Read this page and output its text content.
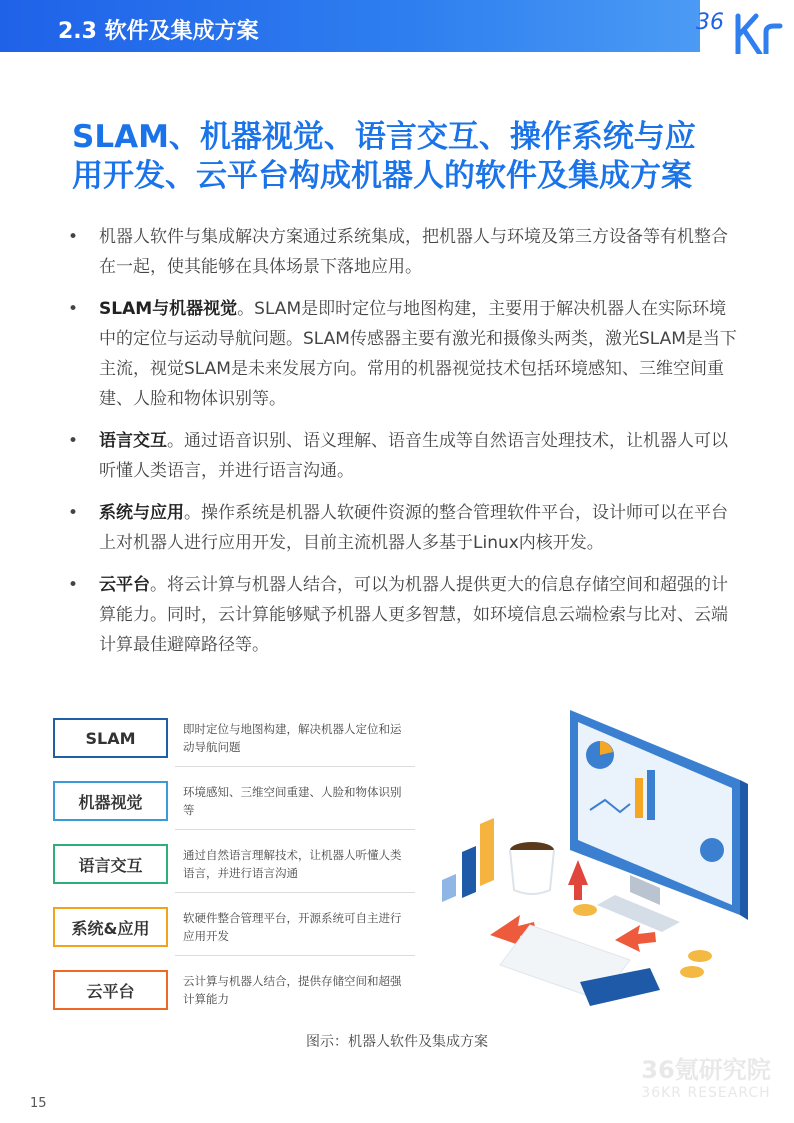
2.3 软件及集成方案	36
SLAM、机器视觉、语言交互、操作系统与应
用开发、云平台构成机器人的软件及集成方案
• 机器人软件与集成解决方案通过系统集成，把机器人与环境及第三方设备等有机整合在一起，使其能够在具体场景下落地应用。
• SLAM与机器视觉。SLAM是即时定位与地图构建，主要用于解决机器人在实际环境中的定位与运动导航问题。SLAM传感器主要有激光和摄像头两类，激光SLAM是当下主流，视觉SLAM是未来发展方向。常用的机器视觉技术包括环境感知、三维空间重建、人脸和物体识别等。
• 语言交互。通过语音识别、语义理解、语音生成等自然语言处理技术，让机器人可以听懂人类语言，并进行语言沟通。
• 系统与应用。操作系统是机器人软硬件资源的整合管理软件平台，设计师可以在平台上对机器人进行应用开发，目前主流机器人多基于Linux内核开发。
• 云平台。将云计算与机器人结合，可以为机器人提供更大的信息存储空间和超强的计算能力。同时，云计算能够赋予机器人更多智慧，如环境信息云端检索与比对、云端计算最佳避障路径等。
SLAM	即时定位与地图构建，解决机器人定位和运动导航问题
机器视觉
环境感知、三维空间重建、人脸和物体识别等
语言交互
通过自然语言理解技术，让机器人听懂人类语言，并进行语言沟通
系统&应用
软硬件整合管理平台，开源系统可自主进行应用开发
云平台
云计算与机器人结合，提供存储空间和超强计算能力
图示：机器人软件及集成方案
15
36氪研究院
36KR RESEARCH
